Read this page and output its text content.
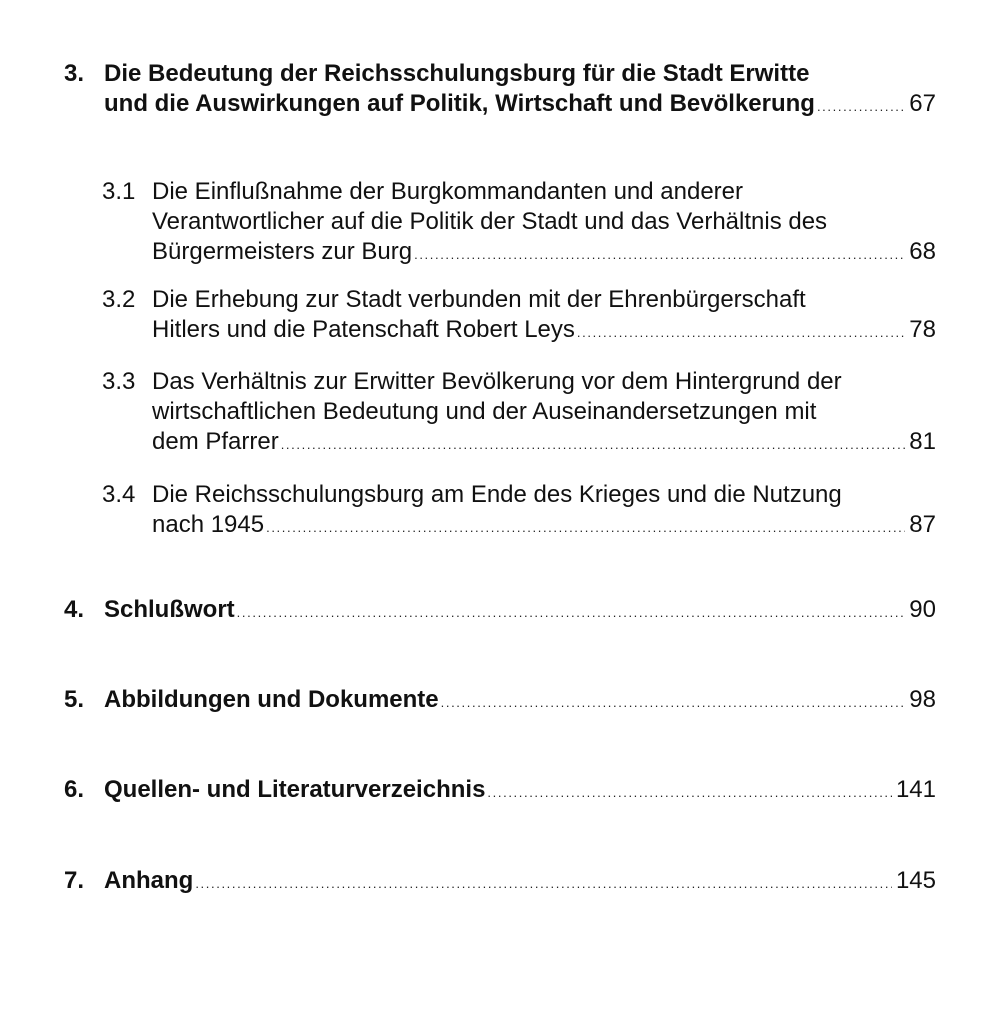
3. Die Bedeutung der Reichsschulungsburg für die Stadt Erwitte
und die Auswirkungen auf Politik, Wirtschaft und Bevölkerung . . .	67
3.1 Die Einflußnahme der Burgkommandanten und anderer
Verantwortlicher auf die Politik der Stadt und das Verhältnis des
Bürgermeisters zur Burg . . .	68
3.2 Die Erhebung zur Stadt verbunden mit der Ehrenbürgerschaft
Hitlers und die Patenschaft Robert Leys . . .	78
3.3 Das Verhältnis zur Erwitter Bevölkerung vor dem Hintergrund der
wirtschaftlichen Bedeutung und der Auseinandersetzungen mit
dem Pfarrer . . .	81
3.4 Die Reichsschulungsburg am Ende des Krieges und die Nutzung
nach 1945 . . .	87
4. Schlußwort . . .	90
5. Abbildungen und Dokumente . . .	98
6. Quellen- und Literaturverzeichnis . . .	141
7. Anhang . . .	145
